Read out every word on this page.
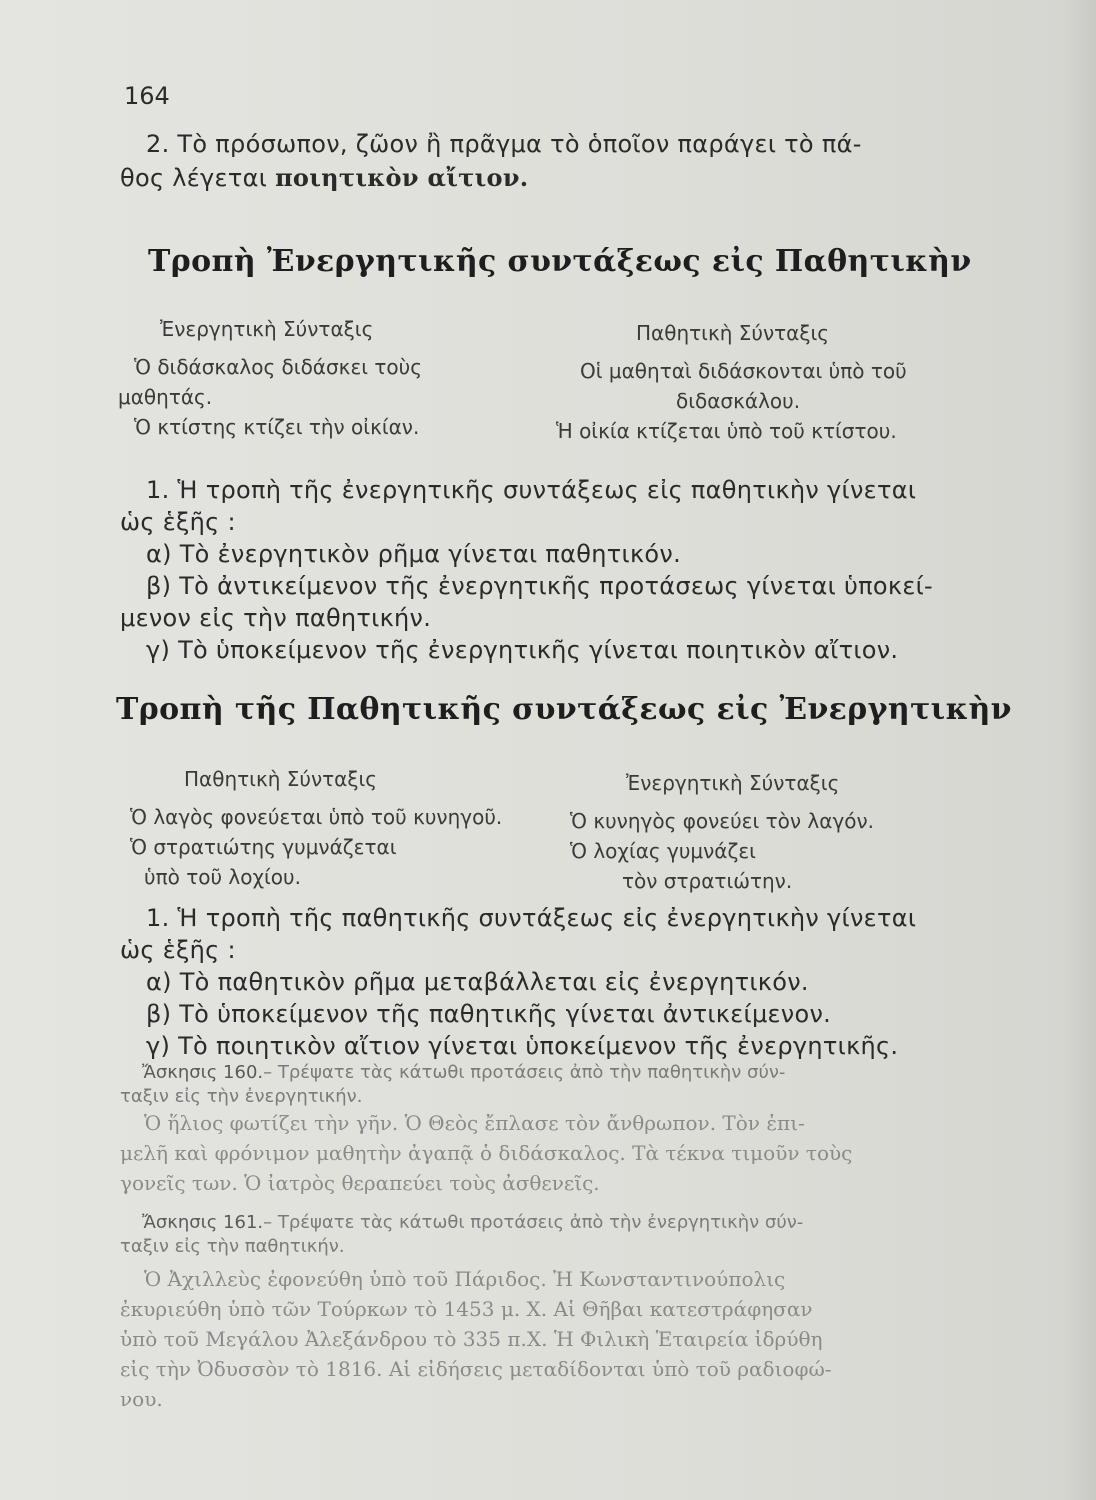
164
2. Τὸ πρόσωπον, ζῶον ἢ πρᾶγμα τὸ ὁποῖον παράγει τὸ πά-
θος λέγεται ποιητικὸν αἴτιον.
Τροπὴ Ἐνεργητικῆς συντάξεως εἰς Παθητικὴν
Ἐνεργητικὴ Σύνταξις	Παθητικὴ Σύνταξις
Ὁ διδάσκαλος διδάσκει τοὺς
μαθητάς.
Ὁ κτίστης κτίζει τὴν οἰκίαν.
Οἱ μαθηταὶ διδάσκονται ὑπὸ τοῦ
διδασκάλου.
Ἡ οἰκία κτίζεται ὑπὸ τοῦ κτίστου.
1. Ἡ τροπὴ τῆς ἐνεργητικῆς συντάξεως εἰς παθητικὴν γίνεται
ὡς ἑξῆς :
α) Τὸ ἐνεργητικὸν ρῆμα γίνεται παθητικόν.
β) Τὸ ἀντικείμενον τῆς ἐνεργητικῆς προτάσεως γίνεται ὑποκεί-
μενον εἰς τὴν παθητικήν.
γ) Τὸ ὑποκείμενον τῆς ἐνεργητικῆς γίνεται ποιητικὸν αἴτιον.
Τροπὴ τῆς Παθητικῆς συντάξεως εἰς Ἐνεργητικὴν
Παθητικὴ Σύνταξις	Ἐνεργητικὴ Σύνταξις
Ὁ λαγὸς φονεύεται ὑπὸ τοῦ κυνηγοῦ.
Ὁ στρατιώτης γυμνάζεται
ὑπὸ τοῦ λοχίου.
Ὁ κυνηγὸς φονεύει τὸν λαγόν.
Ὁ λοχίας γυμνάζει
τὸν στρατιώτην.
1. Ἡ τροπὴ τῆς παθητικῆς συντάξεως εἰς ἐνεργητικὴν γίνεται
ὡς ἑξῆς :
α) Τὸ παθητικὸν ρῆμα μεταβάλλεται εἰς ἐνεργητικόν.
β) Τὸ ὑποκείμενον τῆς παθητικῆς γίνεται ἀντικείμενον.
γ) Τὸ ποιητικὸν αἴτιον γίνεται ὑποκείμενον τῆς ἐνεργητικῆς.
Ἄσκησις 160.– Τρέψατε τὰς κάτωθι προτάσεις ἀπὸ τὴν παθητικὴν σύν-
ταξιν εἰς τὴν ἐνεργητικήν.
Ὁ ἥλιος φωτίζει τὴν γῆν. Ὁ Θεὸς ἔπλασε τὸν ἄνθρωπον. Τὸν ἐπι-
μελῆ καὶ φρόνιμον μαθητὴν ἀγαπᾷ ὁ διδάσκαλος. Τὰ τέκνα τιμοῦν τοὺς
γονεῖς των. Ὁ ἰατρὸς θεραπεύει τοὺς ἀσθενεῖς.
Ἄσκησις 161.– Τρέψατε τὰς κάτωθι προτάσεις ἀπὸ τὴν ἐνεργητικὴν σύν-
ταξιν εἰς τὴν παθητικήν.
Ὁ Ἀχιλλεὺς ἐφονεύθη ὑπὸ τοῦ Πάριδος. Ἡ Κωνσταντινούπολις
ἐκυριεύθη ὑπὸ τῶν Τούρκων τὸ 1453 μ. Χ. Αἱ Θῆβαι κατεστράφησαν
ὑπὸ τοῦ Μεγάλου Ἀλεξάνδρου τὸ 335 π.Χ. Ἡ Φιλικὴ Ἑταιρεία ἱδρύθη
εἰς τὴν Ὀδυσσὸν τὸ 1816. Αἱ εἰδήσεις μεταδίδονται ὑπὸ τοῦ ραδιοφώ-
νου.
